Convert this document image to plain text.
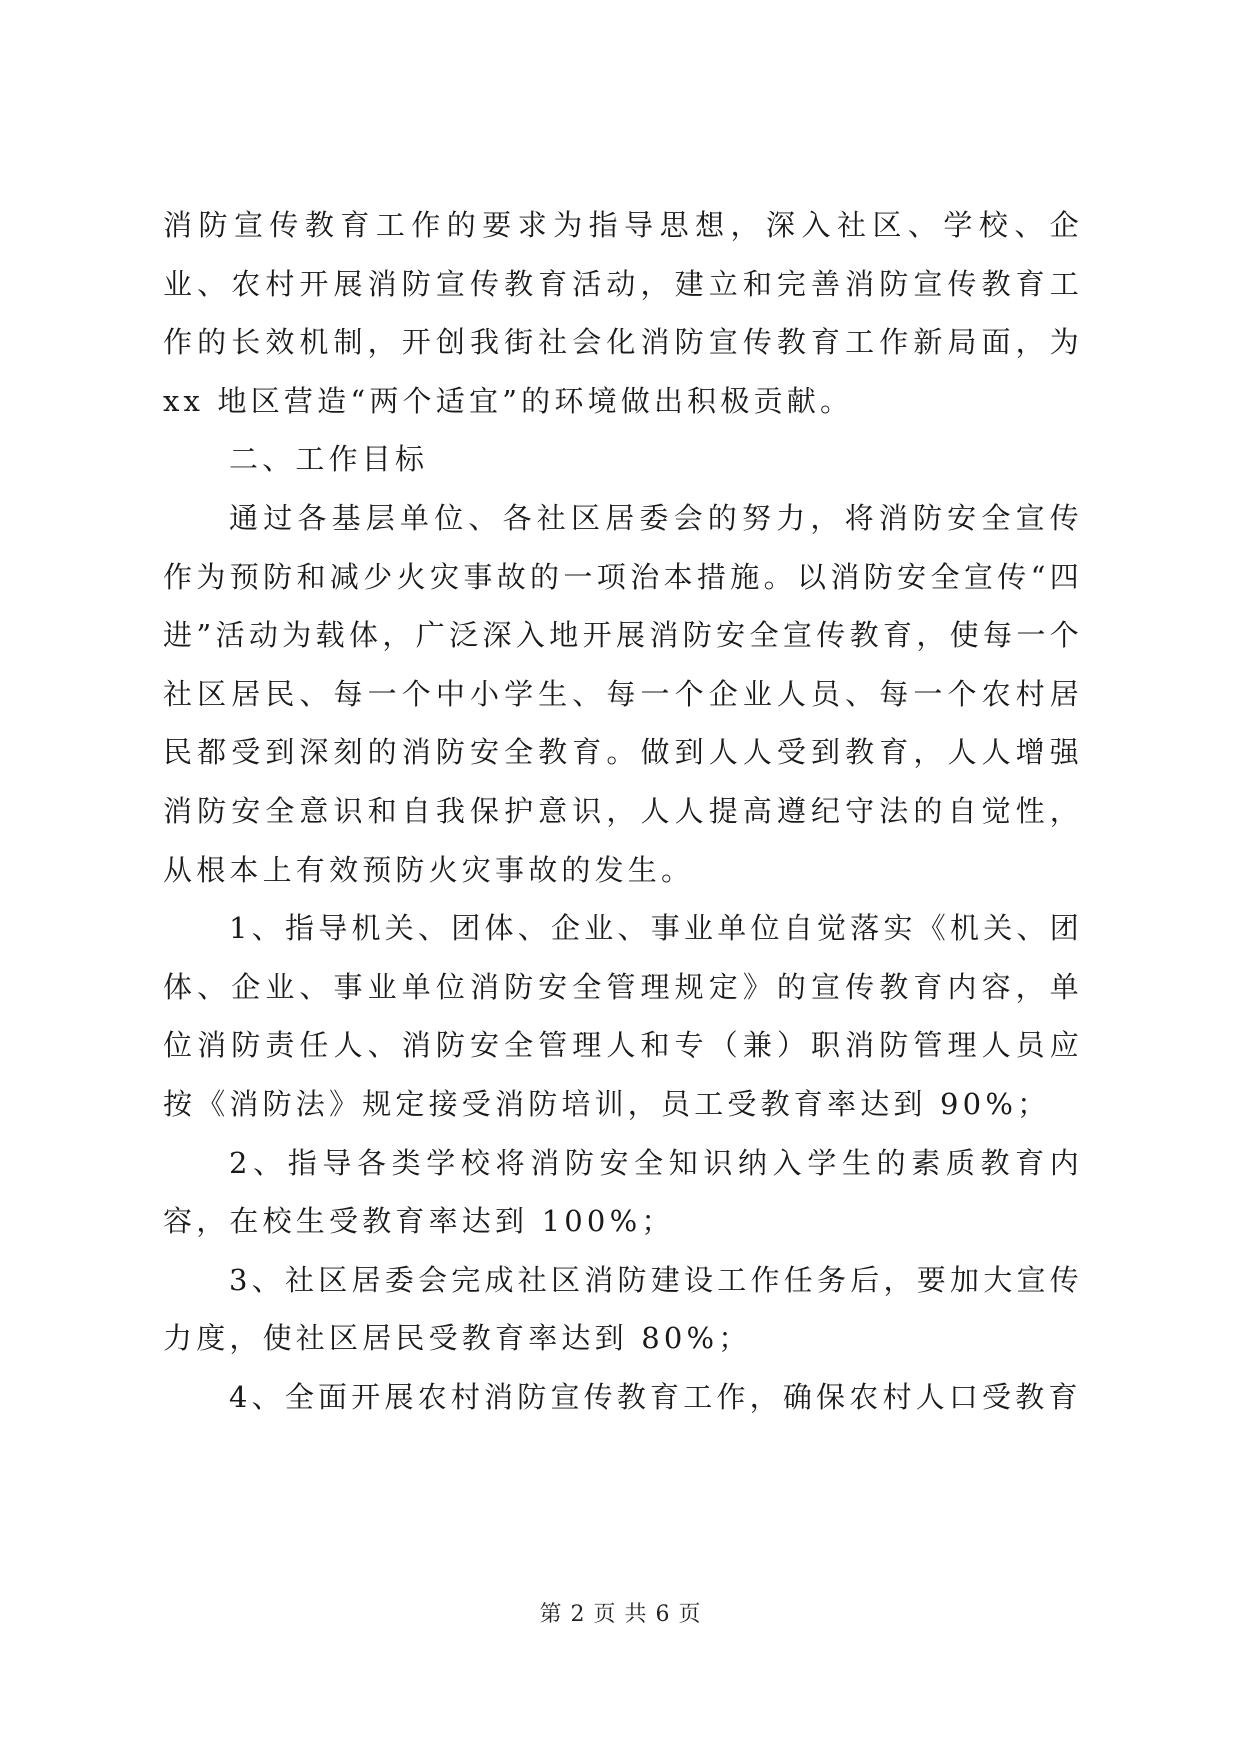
消防宣传教育工作的要求为指导思想，深入社区、学校、企业、农村开展消防宣传教育活动，建立和完善消防宣传教育工作的长效机制，开创我街社会化消防宣传教育工作新局面，为 xx 地区营造“两个适宜”的环境做出积极贡献。

二、工作目标

通过各基层单位、各社区居委会的努力，将消防安全宣传作为预防和减少火灾事故的一项治本措施。以消防安全宣传“四进”活动为载体，广泛深入地开展消防安全宣传教育，使每一个社区居民、每一个中小学生、每一个企业人员、每一个农村居民都受到深刻的消防安全教育。做到人人受到教育，人人增强消防安全意识和自我保护意识，人人提高遵纪守法的自觉性，从根本上有效预防火灾事故的发生。

1、指导机关、团体、企业、事业单位自觉落实《机关、团体、企业、事业单位消防安全管理规定》的宣传教育内容，单位消防责任人、消防安全管理人和专（兼）职消防管理人员应按《消防法》规定接受消防培训，员工受教育率达到 90%；

2、指导各类学校将消防安全知识纳入学生的素质教育内容，在校生受教育率达到 100%；

3、社区居委会完成社区消防建设工作任务后，要加大宣传力度，使社区居民受教育率达到 80%；

4、全面开展农村消防宣传教育工作，确保农村人口受教育

第 2 页 共 6 页
